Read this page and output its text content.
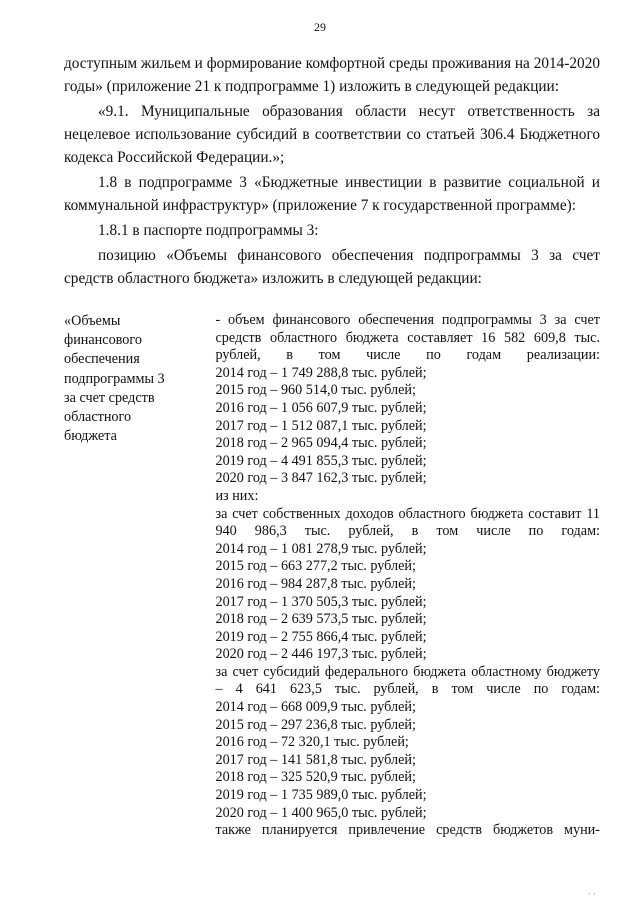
29

доступным жильем и формирование комфортной среды проживания на 2014-2020 годы» (приложение 21 к подпрограмме 1) изложить в следующей редакции:

«9.1. Муниципальные образования области несут ответственность за нецелевое использование субсидий в соответствии со статьей 306.4 Бюджетного кодекса Российской Федерации.»;

1.8 в подпрограмме 3 «Бюджетные инвестиции в развитие социальной и коммунальной инфраструктур» (приложение 7 к государственной программе):

1.8.1 в паспорте подпрограммы 3:

позицию «Объемы финансового обеспечения подпрограммы 3 за счет средств областного бюджета» изложить в следующей редакции:

«Объемы
финансового
обеспечения
подпрограммы 3
за счет средств
областного
бюджета
- объем финансового обеспечения подпрограммы 3 за счет средств областного бюджета составляет 16 582 609,8 тыс. рублей, в том числе по годам реализации:
2014 год – 1 749 288,8 тыс. рублей;
2015 год – 960 514,0 тыс. рублей;
2016 год – 1 056 607,9 тыс. рублей;
2017 год – 1 512 087,1 тыс. рублей;
2018 год – 2 965 094,4 тыс. рублей;
2019 год – 4 491 855,3 тыс. рублей;
2020 год – 3 847 162,3 тыс. рублей;
из них:
за счет собственных доходов областного бюджета составит 11 940 986,3 тыс. рублей, в том числе по годам:
2014 год – 1 081 278,9 тыс. рублей;
2015 год – 663 277,2 тыс. рублей;
2016 год – 984 287,8 тыс. рублей;
2017 год – 1 370 505,3 тыс. рублей;
2018 год – 2 639 573,5 тыс. рублей;
2019 год – 2 755 866,4 тыс. рублей;
2020 год – 2 446 197,3 тыс. рублей;
за счет субсидий федерального бюджета областному бюджету – 4 641 623,5 тыс. рублей, в том числе по годам:
2014 год – 668 009,9 тыс. рублей;
2015 год – 297 236,8 тыс. рублей;
2016 год – 72 320,1 тыс. рублей;
2017 год – 141 581,8 тыс. рублей;
2018 год – 325 520,9 тыс. рублей;
2019 год – 1 735 989,0 тыс. рублей;
2020 год – 1 400 965,0 тыс. рублей;
также планируется привлечение средств бюджетов муни-
· ·
